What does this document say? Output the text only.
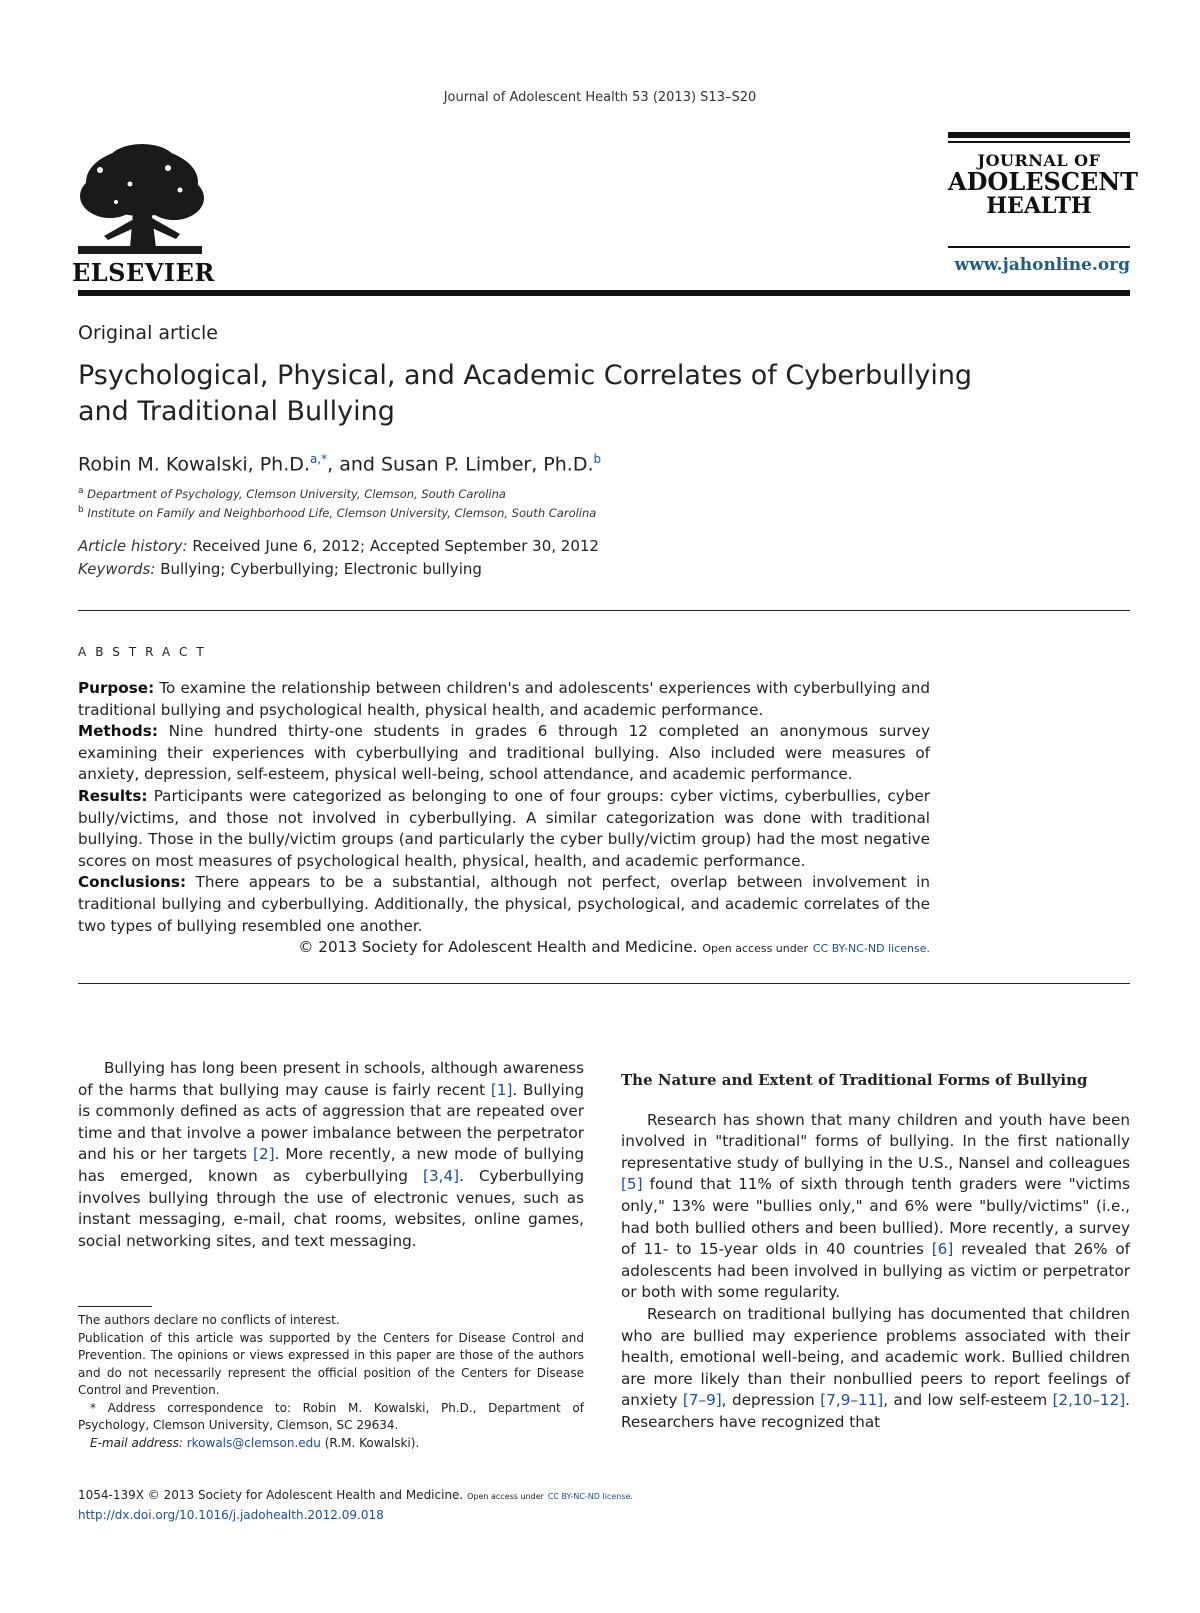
Journal of Adolescent Health 53 (2013) S13–S20
ELSEVIER
JOURNAL OF
ADOLESCENT
HEALTH
www.jahonline.org
Original article
Psychological, Physical, and Academic Correlates of Cyberbullying and Traditional Bullying
Robin M. Kowalski, Ph.D.$^{a,*}$, and Susan P. Limber, Ph.D.$^b$
$^a$ Department of Psychology, Clemson University, Clemson, South Carolina
$^b$ Institute on Family and Neighborhood Life, Clemson University, Clemson, South Carolina
Article history: Received June 6, 2012; Accepted September 30, 2012
Keywords: Bullying; Cyberbullying; Electronic bullying
ABSTRACT

Purpose: To examine the relationship between children's and adolescents' experiences with cyberbullying and traditional bullying and psychological health, physical health, and academic performance.

Methods: Nine hundred thirty-one students in grades 6 through 12 completed an anonymous survey examining their experiences with cyberbullying and traditional bullying. Also included were measures of anxiety, depression, self-esteem, physical well-being, school attendance, and academic performance.

Results: Participants were categorized as belonging to one of four groups: cyber victims, cyberbullies, cyber bully/victims, and those not involved in cyberbullying. A similar categorization was done with traditional bullying. Those in the bully/victim groups (and particularly the cyber bully/victim group) had the most negative scores on most measures of psychological health, physical, health, and academic performance.

Conclusions: There appears to be a substantial, although not perfect, overlap between involvement in traditional bullying and cyberbullying. Additionally, the physical, psychological, and academic correlates of the two types of bullying resembled one another.

© 2013 Society for Adolescent Health and Medicine. Open access under CC BY-NC-ND license.

Bullying has long been present in schools, although awareness of the harms that bullying may cause is fairly recent [1]. Bullying is commonly defined as acts of aggression that are repeated over time and that involve a power imbalance between the perpetrator and his or her targets [2]. More recently, a new mode of bullying has emerged, known as cyberbullying [3,4]. Cyberbullying involves bullying through the use of electronic venues, such as instant messaging, e-mail, chat rooms, websites, online games, social networking sites, and text messaging.

The authors declare no conflicts of interest.

Publication of this article was supported by the Centers for Disease Control and Prevention. The opinions or views expressed in this paper are those of the authors and do not necessarily represent the official position of the Centers for Disease Control and Prevention.

* Address correspondence to: Robin M. Kowalski, Ph.D., Department of Psychology, Clemson University, Clemson, SC 29634.

E-mail address: rkowals@clemson.edu (R.M. Kowalski).

1054-139X © 2013 Society for Adolescent Health and Medicine. Open access under CC BY-NC-ND license.
http://dx.doi.org/10.1016/j.jadohealth.2012.09.018

The Nature and Extent of Traditional Forms of Bullying

Research has shown that many children and youth have been involved in "traditional" forms of bullying. In the first nationally representative study of bullying in the U.S., Nansel and colleagues [5] found that 11% of sixth through tenth graders were "victims only," 13% were "bullies only," and 6% were "bully/victims" (i.e., had both bullied others and been bullied). More recently, a survey of 11- to 15-year olds in 40 countries [6] revealed that 26% of adolescents had been involved in bullying as victim or perpetrator or both with some regularity.

Research on traditional bullying has documented that children who are bullied may experience problems associated with their health, emotional well-being, and academic work. Bullied children are more likely than their nonbullied peers to report feelings of anxiety [7–9], depression [7,9–11], and low self-esteem [2,10–12]. Researchers have recognized that
